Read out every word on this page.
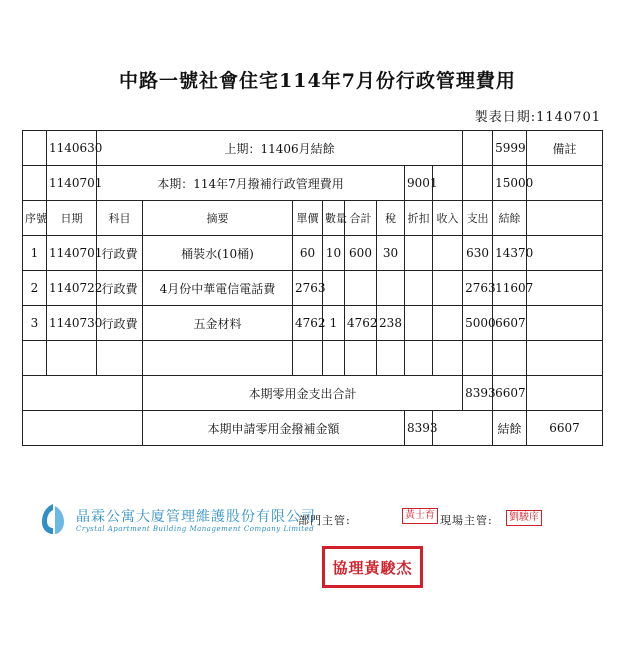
中路一號社會住宅114年7月份行政管理費用
製表日期:1140701
	1140630	上期：11406月結餘									5999	備註
	1140701	本期：114年7月撥補行政管理費用						9001			15000	
序號	日期	科目	摘要	單價	數量	合計	稅	折扣	收入	支出	結餘	
1	1140701	行政費	桶裝水(10桶)	60	10	600	30			630	14370	
2	1140722	行政費	4月份中華電信電話費	2763						2763	11607	
3	1140730	行政費	五金材料	4762	1	4762	238			5000	6607	

			本期零用金支出合計							8393	6607	
			本期申請零用金撥補金額					8393			結餘	6607
晶霖公寓大廈管理維護股份有限公司
Crystal Apartment Building Management Company Limited
部門主管:	黃士育 現場主管:	劉駿庠
協理黃駿杰
